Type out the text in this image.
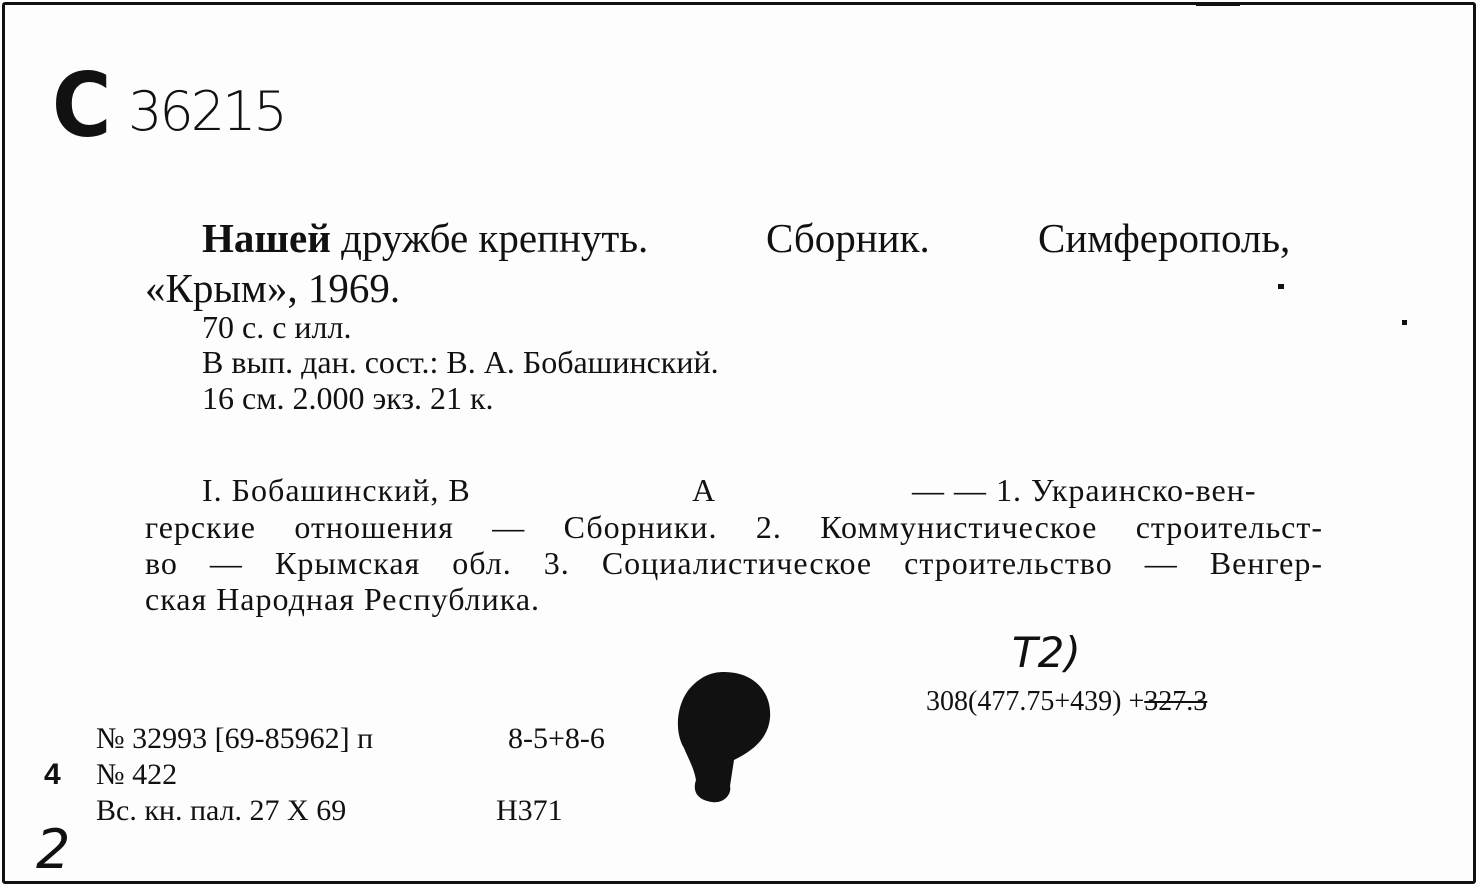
С 36215
Нашей дружбе крепнуть.	Сборник.	Симферополь,
«Крым», 1969.
70 с. с илл.
В вып. дан. сост.: В. А. Бобашинский.
16 см. 2.000 экз. 21 к.
I. Бобашинский, В	А	— — 1. Украинско-вен-
герские отношения — Сборники. 2. Коммунистическое строительст-
во — Крымская обл. 3. Социалистическое строительство — Венгер-
ская Народная Республика.
Т2)
308(477.75+439) +327.3
№ 32993 [69-85962] п	8-5+8-6
4 № 422
Вс. кн. пал. 27 X 69	Н371
2
